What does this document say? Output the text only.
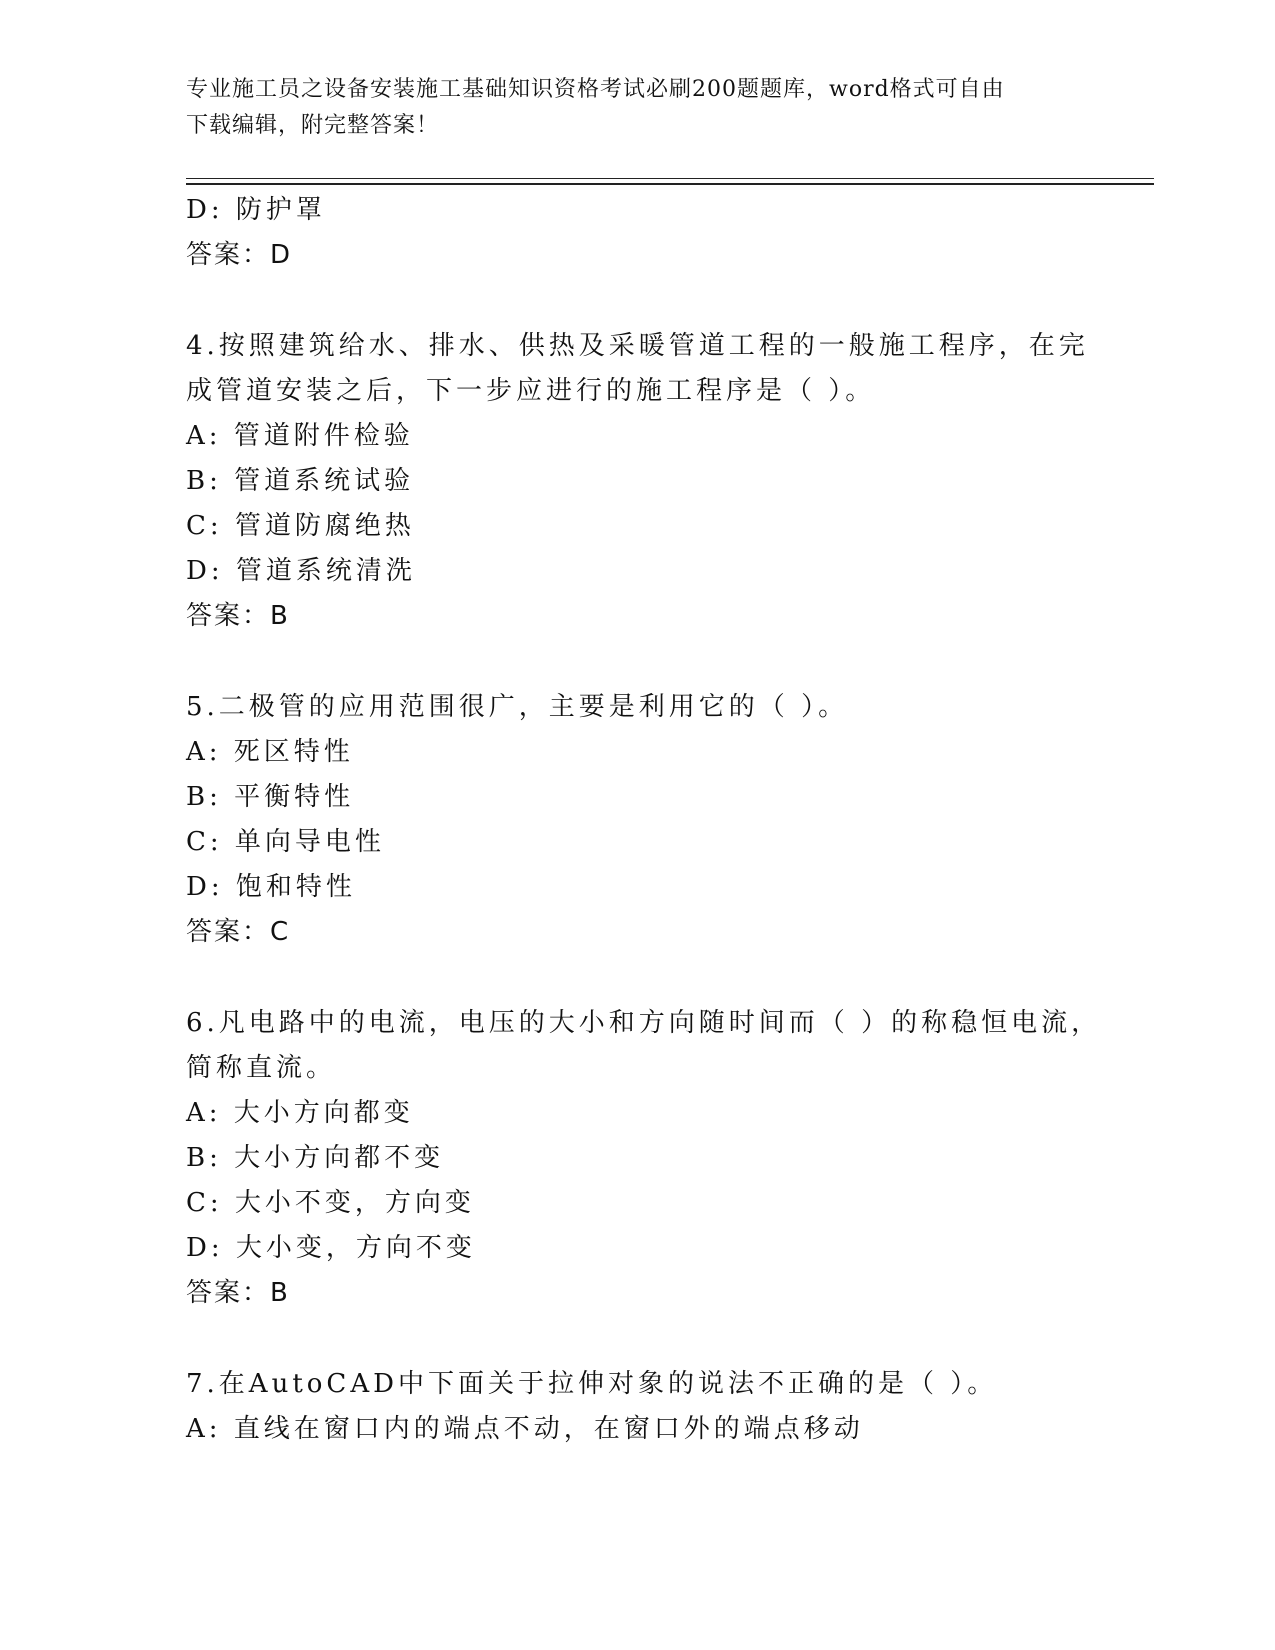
专业施工员之设备安装施工基础知识资格考试必刷200题题库，word格式可自由
下载编辑，附完整答案！
D: 防护罩
答案：D
4.按照建筑给水、排水、供热及采暖管道工程的一般施工程序，在完
成管道安装之后，下一步应进行的施工程序是（ ）。
A: 管道附件检验
B: 管道系统试验
C: 管道防腐绝热
D: 管道系统清洗
答案：B
5.二极管的应用范围很广，主要是利用它的（ ）。
A: 死区特性
B: 平衡特性
C: 单向导电性
D: 饱和特性
答案：C
6.凡电路中的电流，电压的大小和方向随时间而（ ）的称稳恒电流，
简称直流。
A: 大小方向都变
B: 大小方向都不变
C: 大小不变，方向变
D: 大小变，方向不变
答案：B
7.在AutoCAD中下面关于拉伸对象的说法不正确的是（ ）。
A: 直线在窗口内的端点不动，在窗口外的端点移动
